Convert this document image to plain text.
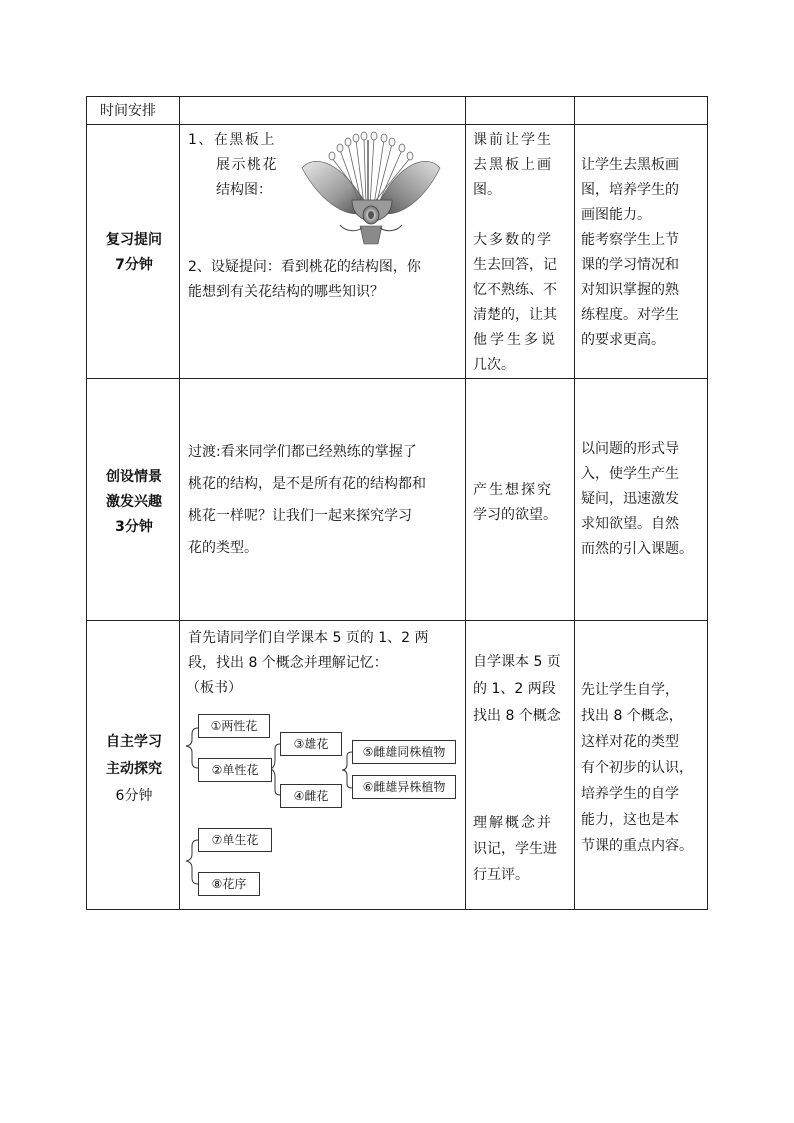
时间安排
复习提问
7分钟
1、在黑板上
展示桃花
结构图：
2、设疑提问：看到桃花的结构图，你
能想到有关花结构的哪些知识？
课前让学生
去黑板上画
图。
大多数的学
生去回答，记
忆不熟练、不
清楚的，让其
他学生多说
几次。
让学生去黑板画
图，培养学生的
画图能力。
能考察学生上节
课的学习情况和
对知识掌握的熟
练程度。对学生
的要求更高。
创设情景
激发兴趣
3分钟
过渡:看来同学们都已经熟练的掌握了
桃花的结构，是不是所有花的结构都和
桃花一样呢？让我们一起来探究学习
花的类型。
产生想探究
学习的欲望。
以问题的形式导
入，使学生产生
疑问，迅速激发
求知欲望。自然
而然的引入课题。
自主学习
主动探究
6分钟
首先请同学们自学课本 5 页的 1、2 两
段，找出 8 个概念并理解记忆：
（板书）
①两性花
②单性花
③雄花
④雌花
⑤雌雄同株植物
⑥雌雄异株植物
⑦单生花
⑧花序
自学课本 5 页
的 1、2 两段
找出 8 个概念
理解概念并
识记，学生进
行互评。
先让学生自学，
找出 8 个概念，
这样对花的类型
有个初步的认识，
培养学生的自学
能力，这也是本
节课的重点内容。
